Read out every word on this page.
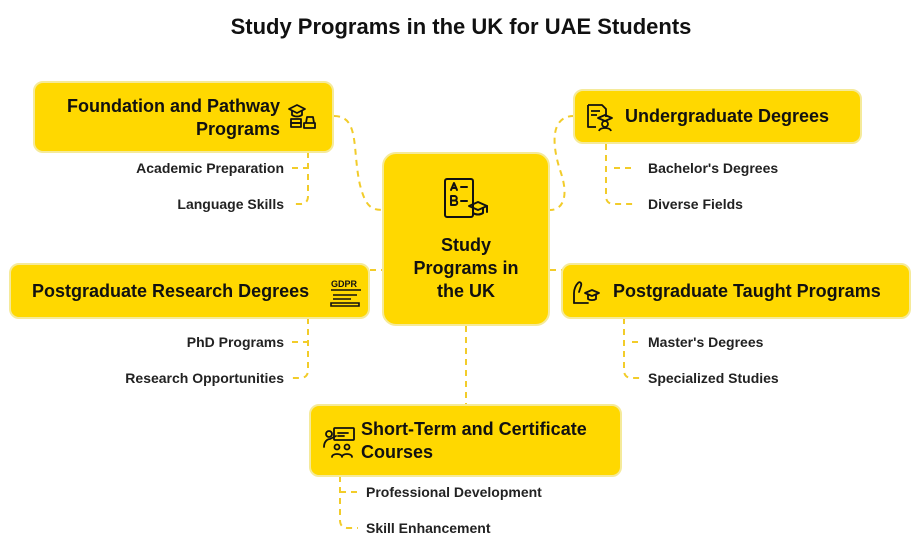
Study Programs in the UK for UAE Students
Study
Programs in
the UK
Foundation and Pathway
Programs
Academic Preparation
Language Skills
Undergraduate Degrees
Bachelor's Degrees
Diverse Fields
Postgraduate Research Degrees GDPR
PhD Programs
Research Opportunities
Postgraduate Taught Programs
Master's Degrees
Specialized Studies
Short-Term and Certificate
Courses
Professional Development
Skill Enhancement
